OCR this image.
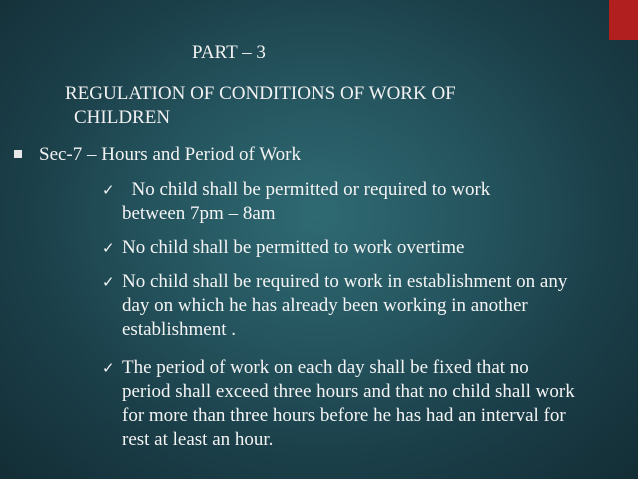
PART – 3
REGULATION OF CONDITIONS OF WORK OF
CHILDREN
Sec-7 – Hours and Period of Work
✓ No child shall be permitted or required to work between 7pm – 8am
✓ No child shall be permitted to work overtime
✓ No child shall be required to work in establishment on any day on which he has already been working in another establishment .
✓ The period of work on each day shall be fixed that no period shall exceed three hours and that no child shall work for more than three hours before he has had an interval for rest at least an hour.
